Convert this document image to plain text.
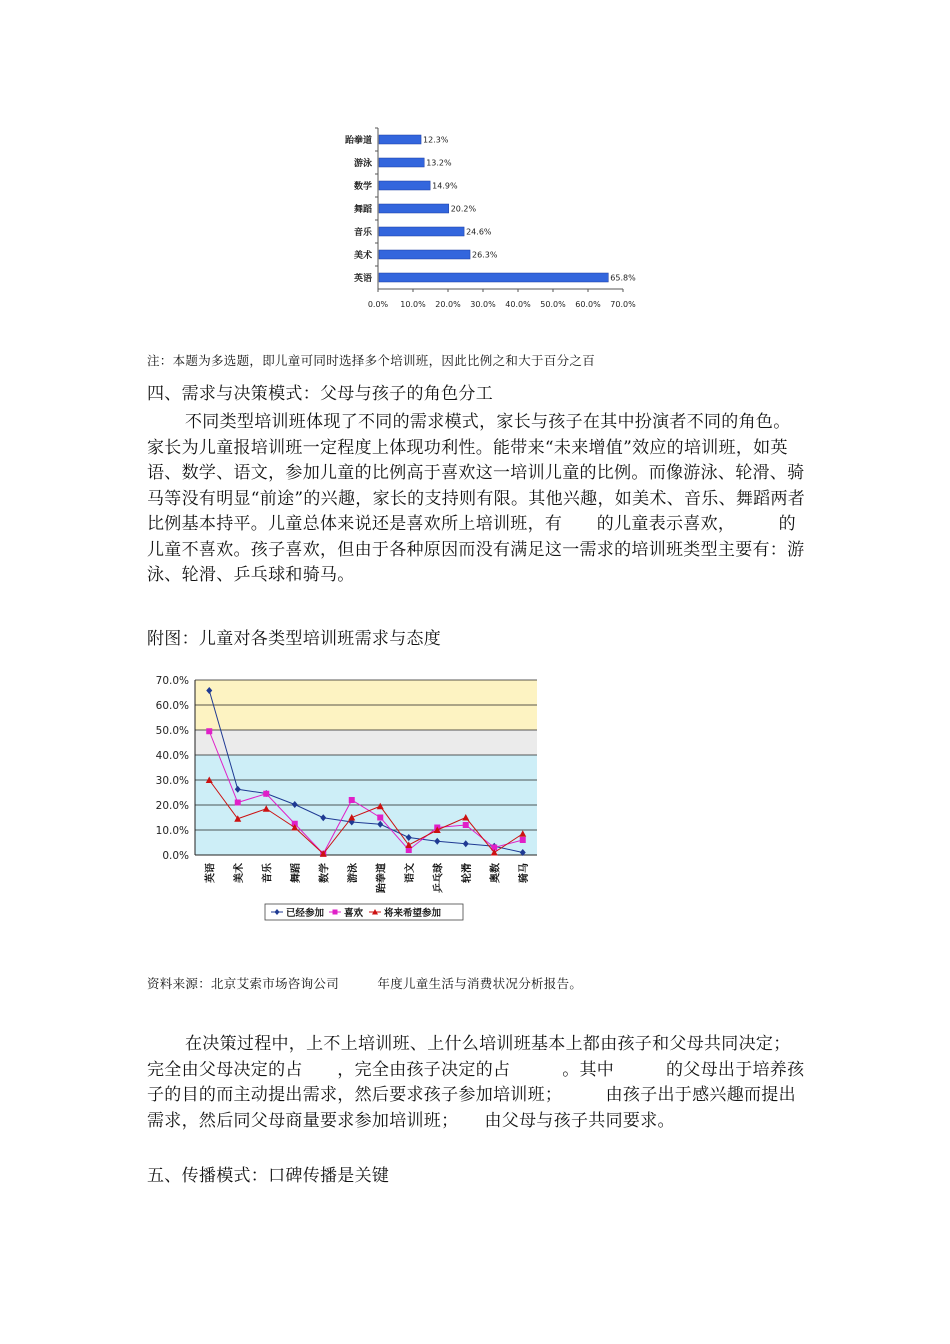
跆拳道	12.3%
游泳	13.2%
数学	14.9%
舞蹈	20.2%
音乐	24.6%
美术	26.3%
英语	65.8%
0.0% 10.0% 20.0% 30.0% 40.0% 50.0% 60.0% 70.0%

注：本题为多选题，即儿童可同时选择多个培训班，因此比例之和大于百分之百

四、需求与决策模式：父母与孩子的角色分工

不同类型培训班体现了不同的需求模式，家长与孩子在其中扮演者不同的角色。家长为儿童报培训班一定程度上体现功利性。能带来“未来增值”效应的培训班，如英语、数学、语文，参加儿童的比例高于喜欢这一培训儿童的比例。而像游泳、轮滑、骑马等没有明显“前途”的兴趣，家长的支持则有限。其他兴趣，如美术、音乐、舞蹈两者比例基本持平。儿童总体来说还是喜欢所上培训班，有　　的儿童表示喜欢，　　　的儿童不喜欢。孩子喜欢，但由于各种原因而没有满足这一需求的培训班类型主要有：游泳、轮滑、乒乓球和骑马。

附图：儿童对各类型培训班需求与态度

70.0%
60.0%
50.0%
40.0%
30.0%
20.0%
10.0%
0.0%
英语 美术 音乐 舞蹈 数学 游泳 跆拳道 语文 乒乓球 轮滑 奥数 骑马
已经参加 喜欢 将来希望参加

资料来源：北京艾索市场咨询公司　　　年度儿童生活与消费状况分析报告。

在决策过程中，上不上培训班、上什么培训班基本上都由孩子和父母共同决定；完全由父母决定的占　　，完全由孩子决定的占　　　。其中　　　的父母出于培养孩子的目的而主动提出需求，然后要求孩子参加培训班；　　　由孩子出于感兴趣而提出需求，然后同父母商量要求参加培训班；　　由父母与孩子共同要求。

五、传播模式：口碑传播是关键
